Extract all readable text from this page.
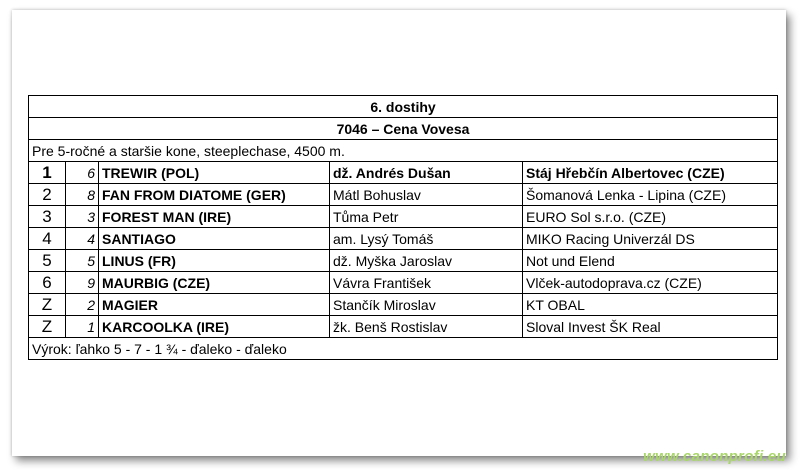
6. dostihy				
7046 – Cena Vovesa				
Pre 5-ročné a staršie kone, steeplechase, 4500 m.				
1	6	TREWIR (POL)	dž. Andrés Dušan	Stáj Hřebčín Albertovec (CZE)
2	8	FAN FROM DIATOME (GER)	Mátl Bohuslav	Šomanová Lenka - Lipina (CZE)
3	3	FOREST MAN (IRE)	Tůma Petr	EURO Sol s.r.o. (CZE)
4	4	SANTIAGO	am. Lysý Tomáš	MIKO Racing Univerzál DS
5	5	LINUS (FR)	dž. Myška Jaroslav	Not und Elend
6	9	MAURBIG (CZE)	Vávra František	Vlček-autodoprava.cz (CZE)
Z	2	MAGIER	Stančík Miroslav	KT OBAL
Z	1	KARCOOLKA (IRE)	žk. Benš Rostislav	Sloval Invest ŠK Real
Výrok: ľahko 5 - 7 - 1 ¾ - ďaleko - ďaleko				
www.canonprofi.eu
